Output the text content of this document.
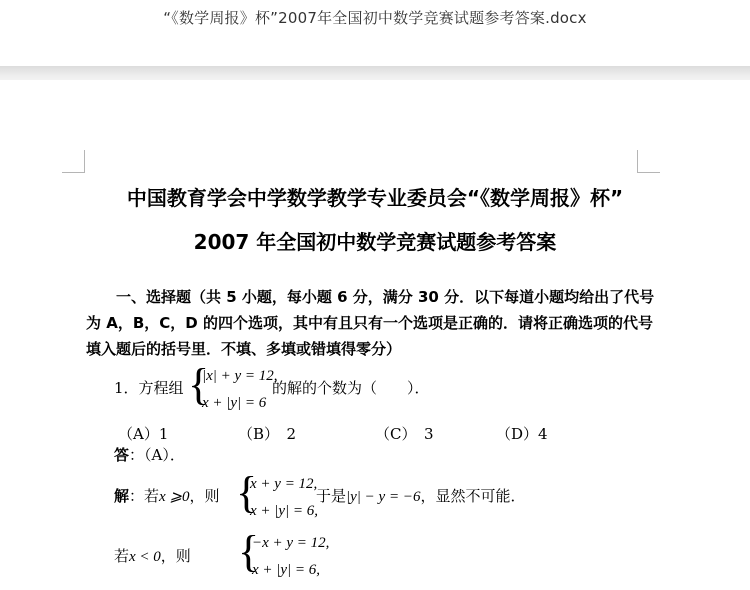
“《数学周报》杯”2007年全国初中数学竞赛试题参考答案.docx
中国教育学会中学数学教学专业委员会“《数学周报》杯”
2007 年全国初中数学竞赛试题参考答案
一、选择题（共 5 小题，每小题 6 分，满分 30 分．以下每道小题均给出了代号为 A，B，C，D 的四个选项，其中有且只有一个选项是正确的．请将正确选项的代号填入题后的括号里．不填、多填或错填得零分）
1．方程组 {
|x| + y = 12,
x + |y| = 6
的解的个数为（　　）．
（A）1	（B）　2	（C）　3	（D）4
答：（A）．
解：若x ⩾0，则 {
x + y = 12,
x + |y| = 6,
于是|y| − y = −6，显然不可能．
若x < 0，则 {
−x + y = 12,
x + |y| = 6,
